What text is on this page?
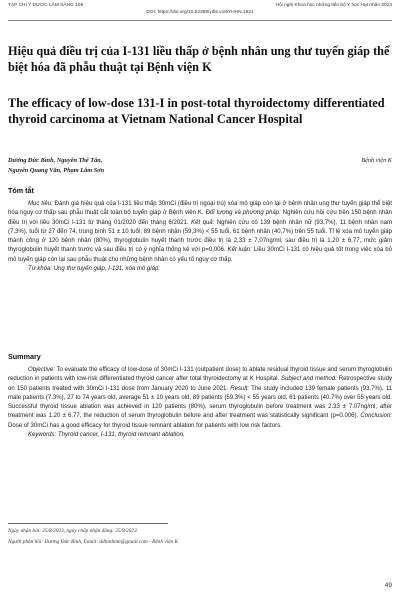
TẠP CHÍ Y DƯỢC LÂM SÀNG 108	Hội nghị Khoa học những tiến bộ Y học Hạt nhân 2023
DOI: https://doi.org/10.52389/ydls.v18iYHHN.1921
Hiệu quả điều trị của I-131 liều thấp ở bệnh nhân ung thư tuyến giáp thể biệt hóa đã phẫu thuật tại Bệnh viện K
The efficacy of low-dose 131-I in post-total thyroidectomy differentiated thyroid carcinoma at Vietnam National Cancer Hospital
Dương Đức Bình, Nguyễn Thế Tân,
Nguyễn Quang Văn, Phạm Lâm Sơn
Bệnh viện K
Tóm tắt

Mục tiêu: Đánh giá hiệu quả của I-131 liều thấp 30mCi (điều trị ngoại trú) xóa mô giáp còn lại ở bệnh nhân ung thư tuyến giáp thể biệt hóa nguy cơ thấp sau phẫu thuật cắt toàn bộ tuyến giáp ở Bệnh viện K. Đối tượng và phương pháp: Nghiên cứu hồi cứu trên 150 bệnh nhân điều trị với liều 30mCi I-131 từ tháng 01/2020 đến tháng 6/2021. Kết quả: Nghiên cứu có 139 bệnh nhân nữ (93,7%), 11 bệnh nhân nam (7,3%), tuổi từ 27 đến 74, trung bình 51 ± 10 tuổi; 89 bệnh nhân (59,3%) < 55 tuổi, 61 bệnh nhân (40,7%) trên 55 tuổi. Tỉ lệ xóa mô tuyến giáp thành công ở 120 bệnh nhân (80%), thyroglobulin huyết thanh trước điều trị là 2,33 ± 7,07ng/ml, sau điều trị là 1,20 ± 6,77, mức giảm thyroglobulin huyết thanh trước và sau điều trị có ý nghĩa thống kê với p=0,006. Kết luận: Liều 30mCi I-131 có hiệu quả tốt trong việc xóa bỏ mô tuyến giáp còn lại sau phẫu thuật cho những bệnh nhân có yếu tố nguy cơ thấp.

Từ khóa: Ung thư tuyến giáp, I-131, xóa mô giáp.

Summary

Objective: To evaluate the efficacy of low-dose of 30mCi I-131 (outpatient dose) to ablate residual thyroid tissue and serum thyroglobulin reduction in patients with low-risk differentiated thyroid cancer after total thyroidectomy at K Hospital. Subject and method: Retrospective study on 150 patients treated with 30mCi I-131 dose from January 2020 to June 2021. Result: The study included 139 female patients (93.7%), 11 male patients (7.3%), 27 to 74 years old, average 51 ± 10 years old, 89 patients (59.3%) < 55 years old, 61 patients (40.7%) over 55 years old. Successful thyroid tissue ablation was achieved in 120 patients (80%), serum thyroglobulin before treatment was 2.33 ± 7.07ng/ml, after treatment was 1.20 ± 6.77, the reduction of serum thyroglobulin before and after treatment was statistically significant (p=0.006). Conclusion: Dose of 30mCi has a good efficacy for thyroid tissue remnant ablation for patients with low risk factors.

Keywords: Thyroid cancer, I-131, thyroid remnant ablation.

Ngày nhận bài: 25/8/2023, ngày chấp nhận đăng: 25/9/2023
Người phản hồi: Dương Đức Bình, Email: ddbinhnm@gmail.com - Bệnh viện K
49
